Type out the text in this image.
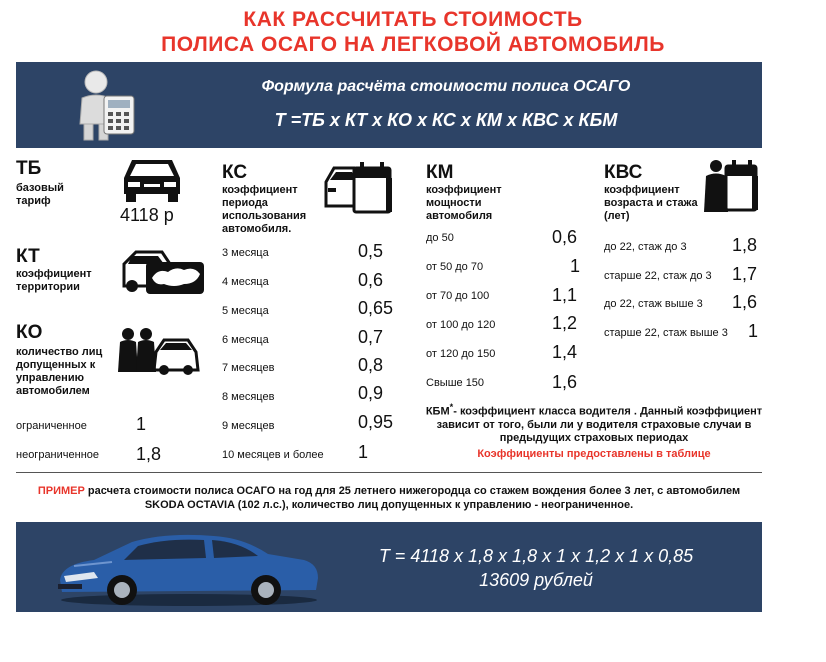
КАК РАССЧИТАТЬ СТОИМОСТЬ
ПОЛИСА ОСАГО НА ЛЕГКОВОЙ АВТОМОБИЛЬ
Формула расчёта стоимости полиса ОСАГО
Т =ТБ х КТ х КО х КС х КМ х КВС х КБМ
ТБ
базовый тариф
4118 р
КТ
коэффициент территории
КО
количество лиц допущенных к управлению автомобилем
ограниченное	1
неограниченное 1,8
КС
коэффициент периода использования автомобиля.
3 месяца	0,5
4 месяца	0,6
5 месяца	0,65
6 месяца	0,7
7 месяцев	0,8
8 месяцев	0,9
9 месяцев	0,95
10 месяцев и более 1
КМ
коэффициент мощности автомобиля
до 50	0,6
от 50 до 70	1
от 70 до 100	1,1
от 100 до 120	1,2
от 120 до 150	1,4
Свыше 150	1,6
КВС
коэффициент возраста и стажа (лет)
до 22, стаж до 3	1,8
старше 22, стаж до 3 1,7
до 22, стаж выше 3 1,6
старше 22, стаж выше 3 1
КБМ*- коэффициент класса водителя . Данный коэффициент зависит от того, были ли у водителя страховые случаи в предыдущих страховых периодах
Коэффициенты предоставлены в таблице
ПРИМЕР расчета стоимости полиса ОСАГО на год для 25 летнего нижегородца со стажем вождения более 3 лет, с автомобилем SKODA OCTAVIA (102 л.с.), количество лиц допущенных к управлению - неограниченное.
Т = 4118 х 1,8 х 1,8 х 1 х 1,2 х 1 х 0,85
13609 рублей
